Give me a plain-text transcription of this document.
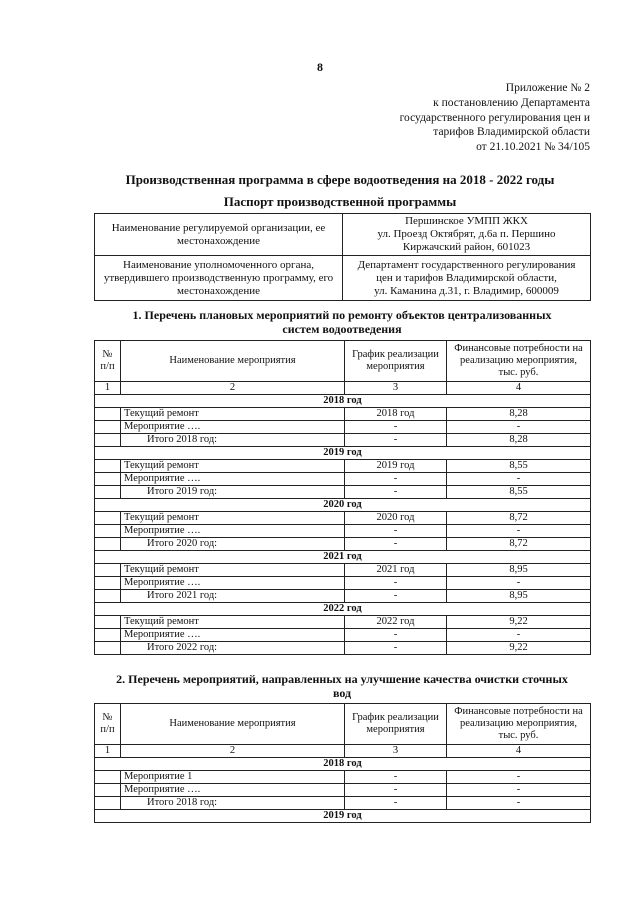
8
Приложение № 2
к постановлению Департамента
государственного регулирования цен и
тарифов Владимирской области
от 21.10.2021 № 34/105
Производственная программа в сфере водоотведения на 2018 - 2022 годы
Паспорт производственной программы
Наименование регулируемой организации, ее местонахождение	Першинское УМПП ЖКХ
ул. Проезд Октябрят, д.6а п. Першино
Киржачский район, 601023

Наименование уполномоченного органа, утвердившего производственную программу, его местонахождение	Департамент государственного регулирования
цен и тарифов Владимирской области,
ул. Каманина д.31, г. Владимир, 600009
1. Перечень плановых мероприятий по ремонту объектов централизованных
систем водоотведения
№ п/п	Наименование мероприятия	График реализации мероприятия	Финансовые потребности на реализацию мероприятия, тыс. руб.
1	2	3	4
2018 год			
	Текущий ремонт	2018 год	8,28
	Мероприятие ….	-	-
	Итого 2018 год:	-	8,28
2019 год			
	Текущий ремонт	2019 год	8,55
	Мероприятие ….	-	-
	Итого 2019 год:	-	8,55
2020 год			
	Текущий ремонт	2020 год	8,72
	Мероприятие ….	-	-
	Итого 2020 год:	-	8,72
2021 год			
	Текущий ремонт	2021 год	8,95
	Мероприятие ….	-	-
	Итого 2021 год:	-	8,95
2022 год			
	Текущий ремонт	2022 год	9,22
	Мероприятие ….	-	-
	Итого 2022 год:	-	9,22
2. Перечень мероприятий, направленных на улучшение качества очистки сточных
вод
№ п/п	Наименование мероприятия	График реализации мероприятия	Финансовые потребности на реализацию мероприятия, тыс. руб.
1	2	3	4
2018 год			
	Мероприятие 1	-	-
	Мероприятие ….	-	-
	Итого 2018 год:	-	-
2019 год			
